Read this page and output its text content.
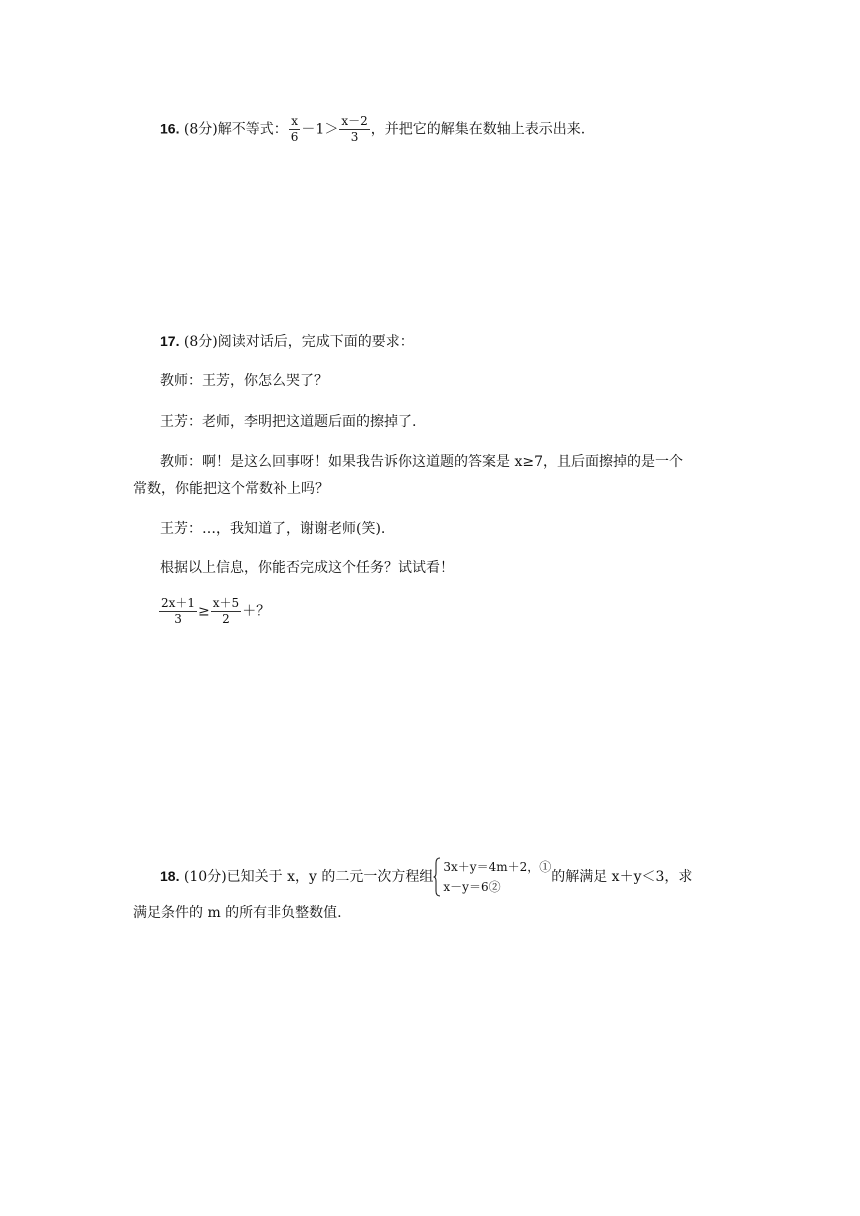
16. (8分)解不等式： $\frac{x}{6} -1> \frac{x-2}{3}$ ，并把它的解集在数轴上表示出来.
17. (8分)阅读对话后，完成下面的要求：
教师：王芳，你怎么哭了？
王芳：老师，李明把这道题后面的擦掉了.
教师：啊！是这么回事呀！如果我告诉你这道题的答案是 x≥7，且后面擦掉的是一个
常数，你能把这个常数补上吗？
王芳：…，我知道了，谢谢老师(笑).
根据以上信息，你能否完成这个任务？试试看！
$\frac{2x+1}{3} \ge \frac{x+5}{2}$ ＋？
18. (10分)已知关于 x，y 的二元一次方程组
3x＋y＝4m＋2，①
x－y＝6②
的解满足 x＋y＜3，求
满足条件的 m 的所有非负整数值.
